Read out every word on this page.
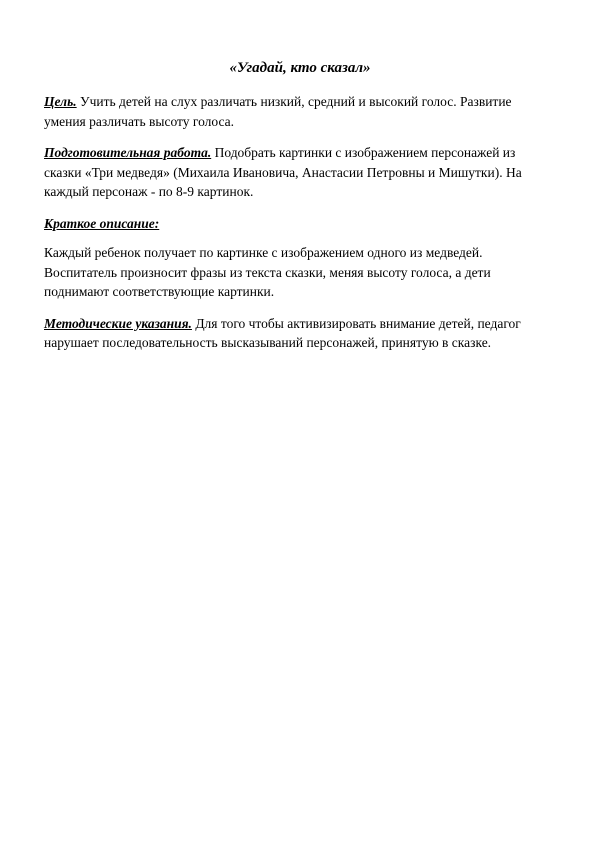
«Угадай, кто сказал»

Цель. Учить детей на слух различать низкий, средний и высокий голос. Развитие умения различать высоту голоса.

Подготовительная работа. Подобрать картинки с изображением персонажей из сказки «Три медведя» (Михаила Ивановича, Анастасии Петровны и Мишутки). На каждый персонаж - по 8-9 картинок.

Краткое описание:

Каждый ребенок получает по картинке с изображением одного из медведей. Воспитатель произносит фразы из текста сказки, меняя высоту голоса, а дети поднимают соответствующие картинки.

Методические указания. Для того чтобы активизировать внимание детей, педагог нарушает последовательность высказываний персонажей, принятую в сказке.
